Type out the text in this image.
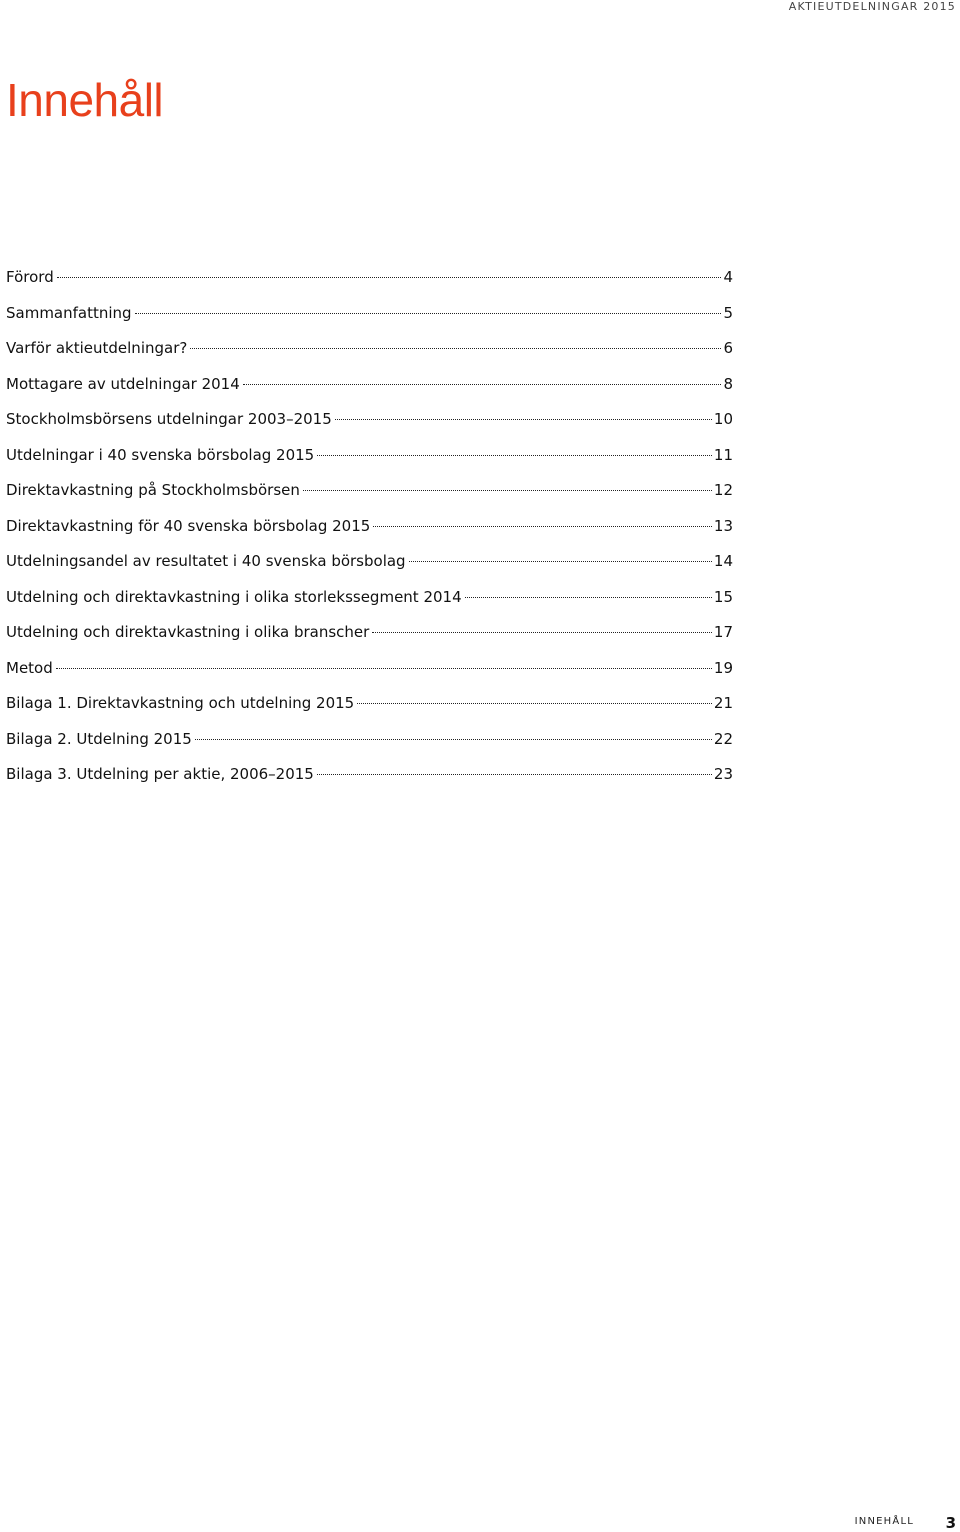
AKTIEUTDELNINGAR 2015
Innehåll
Förord	4
Sammanfattning	5
Varför aktieutdelningar?	6
Mottagare av utdelningar 2014	8
Stockholmsbörsens utdelningar 2003–2015	10
Utdelningar i 40 svenska börsbolag 2015	11
Direktavkastning på Stockholmsbörsen	12
Direktavkastning för 40 svenska börsbolag 2015	13
Utdelningsandel av resultatet i 40 svenska börsbolag	14
Utdelning och direktavkastning i olika storlekssegment 2014	15
Utdelning och direktavkastning i olika branscher	17
Metod	19
Bilaga 1. Direktavkastning och utdelning 2015	21
Bilaga 2. Utdelning 2015	22
Bilaga 3. Utdelning per aktie, 2006–2015	23
INNEHÅLL 3
